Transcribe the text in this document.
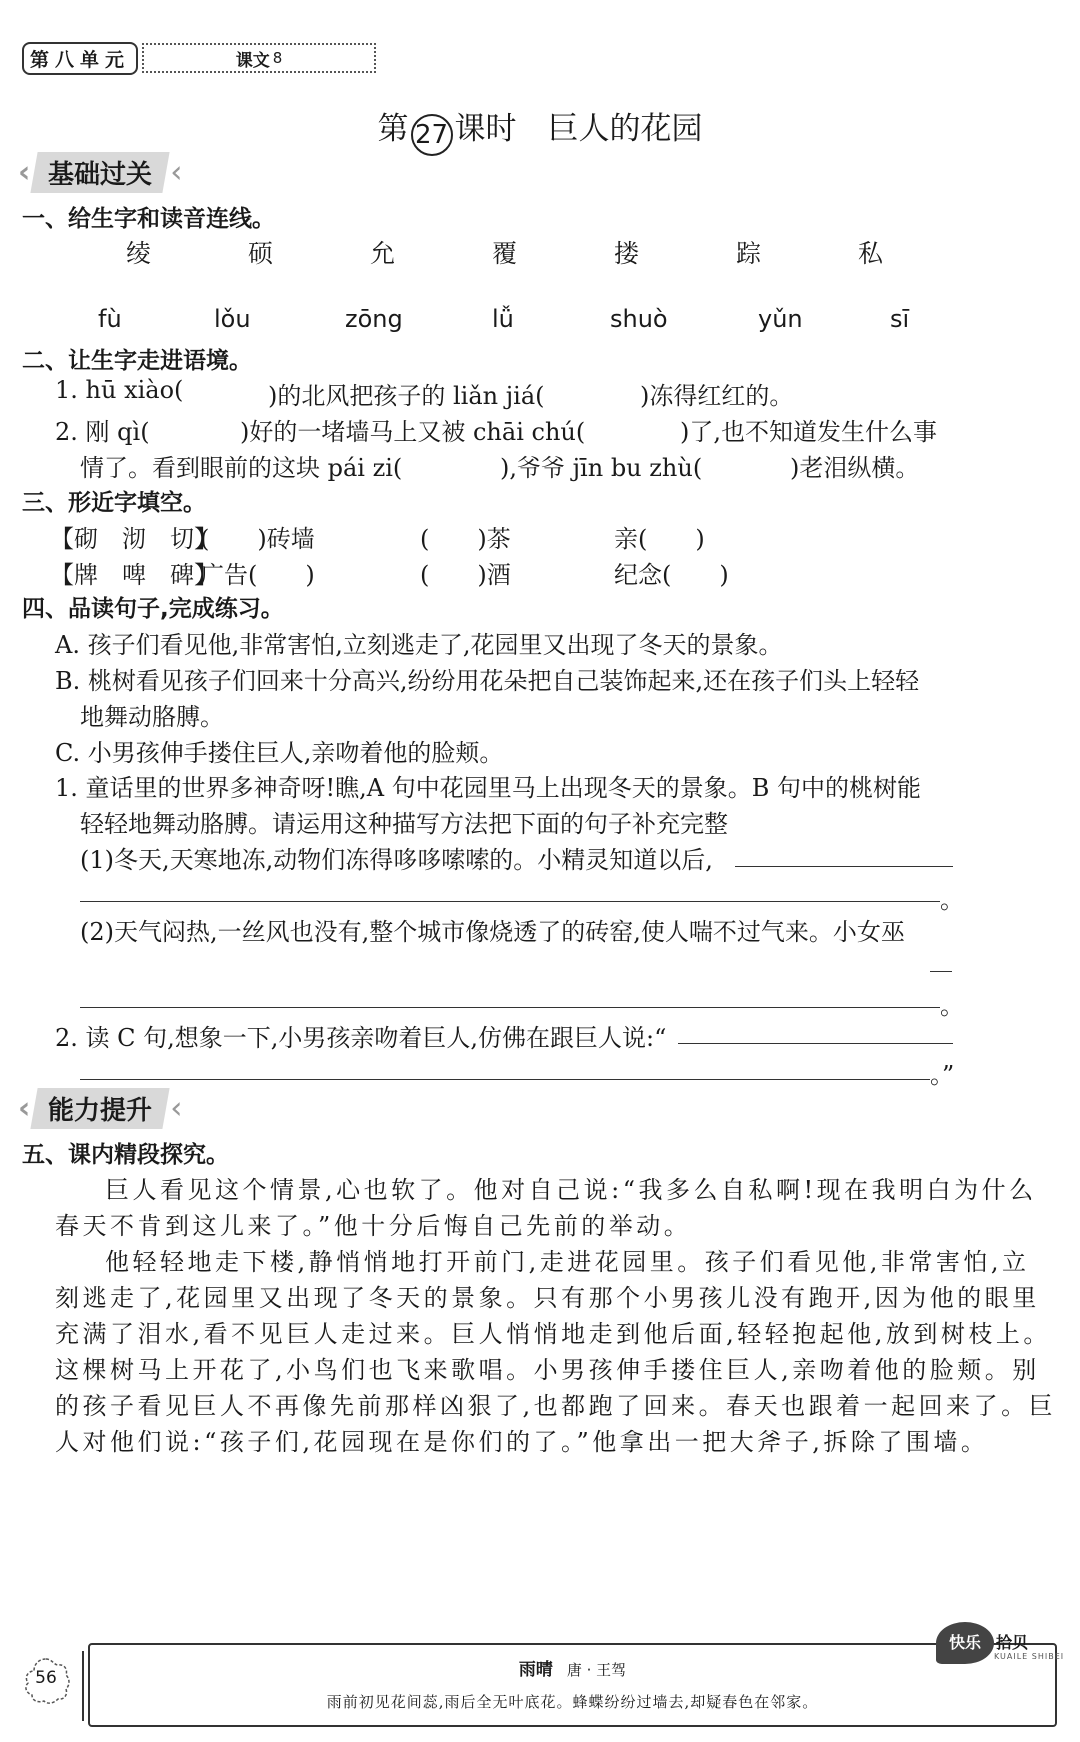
第八单元	课文 8
第 27 课时  巨人的花园
‹ 基础过关
一、给生字和读音连线。
绫	硕	允	覆	搂	踪	私
fù	lǒu	zōng	lǚ	shuò	yǔn	sī
二、让生字走进语境。
1. hū xiào(	)的北风把孩子的 liǎn jiá(	)冻得红红的。
2. 刚 qì(	)好的一堵墙马上又被 chāi chú(	)了,也不知道发生什么事
情了。看到眼前的这块 pái zi(	),爷爷 jīn bu zhù(	)老泪纵横。
三、形近字填空。
【砌　沏　切】
(　　)砖墙	(　　)茶	亲(　　)
【牌　啤　碑】
广告(　　)	(　　)酒	纪念(　　)
四、品读句子,完成练习。
A. 孩子们看见他,非常害怕,立刻逃走了,花园里又出现了冬天的景象。
B. 桃树看见孩子们回来十分高兴,纷纷用花朵把自己装饰起来,还在孩子们头上轻轻
地舞动胳膊。
C. 小男孩伸手搂住巨人,亲吻着他的脸颊。
1. 童话里的世界多神奇呀!瞧,A 句中花园里马上出现冬天的景象。B 句中的桃树能
轻轻地舞动胳膊。请运用这种描写方法把下面的句子补充完整
(1)冬天,天寒地冻,动物们冻得哆哆嗦嗦的。小精灵知道以后,
。
(2)天气闷热,一丝风也没有,整个城市像烧透了的砖窑,使人喘不过气来。小女巫
。
2. 读 C 句,想象一下,小男孩亲吻着巨人,仿佛在跟巨人说:“
。”
‹ 能力提升
五、课内精段探究。
巨人看见这个情景,心也软了。他对自己说:“我多么自私啊!现在我明白为什么
春天不肯到这儿来了。”他十分后悔自己先前的举动。
他轻轻地走下楼,静悄悄地打开前门,走进花园里。孩子们看见他,非常害怕,立
刻逃走了,花园里又出现了冬天的景象。只有那个小男孩儿没有跑开,因为他的眼里
充满了泪水,看不见巨人走过来。巨人悄悄地走到他后面,轻轻抱起他,放到树枝上。
这棵树马上开花了,小鸟们也飞来歌唱。小男孩伸手搂住巨人,亲吻着他的脸颊。别
的孩子看见巨人不再像先前那样凶狠了,也都跑了回来。春天也跟着一起回来了。巨
人对他们说:“孩子们,花园现在是你们的了。”他拿出一把大斧子,拆除了围墙。
56	雨晴 唐 · 王驾
雨前初见花间蕊,雨后全无叶底花。蜂蝶纷纷过墙去,却疑春色在邻家。
快乐 拾贝
KUAILE SHIBEI
